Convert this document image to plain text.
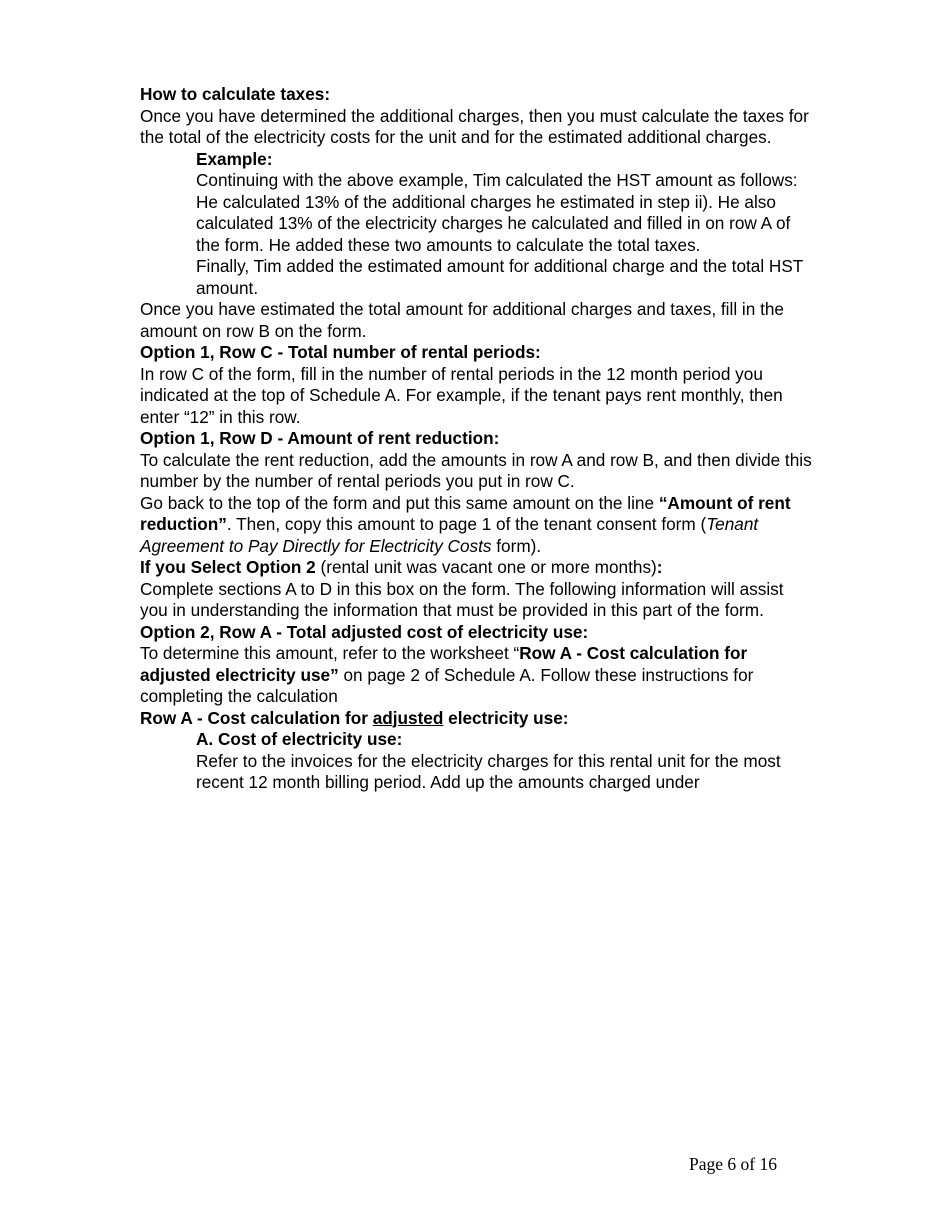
How to calculate taxes:
Once you have determined the additional charges, then you must calculate the taxes for the total of the electricity costs for the unit and for the estimated additional charges.

Example:
Continuing with the above example, Tim calculated the HST amount as follows: He calculated 13% of the additional charges he estimated in step ii). He also calculated 13% of the electricity charges he calculated and filled in on row A of the form. He added these two amounts to calculate the total taxes.

Finally, Tim added the estimated amount for additional charge and the total HST amount.

Once you have estimated the total amount for additional charges and taxes, fill in the amount on row B on the form.

Option 1, Row C - Total number of rental periods:
In row C of the form, fill in the number of rental periods in the 12 month period you indicated at the top of Schedule A. For example, if the tenant pays rent monthly, then enter “12” in this row.

Option 1, Row D - Amount of rent reduction:
To calculate the rent reduction, add the amounts in row A and row B, and then divide this number by the number of rental periods you put in row C.

Go back to the top of the form and put this same amount on the line “Amount of rent reduction”. Then, copy this amount to page 1 of the tenant consent form (Tenant Agreement to Pay Directly for Electricity Costs form).

If you Select Option 2 (rental unit was vacant one or more months):

Complete sections A to D in this box on the form. The following information will assist you in understanding the information that must be provided in this part of the form.

Option 2, Row A - Total adjusted cost of electricity use:
To determine this amount, refer to the worksheet “Row A - Cost calculation for adjusted electricity use” on page 2 of Schedule A. Follow these instructions for completing the calculation

Row A - Cost calculation for adjusted electricity use:

A. Cost of electricity use:
Refer to the invoices for the electricity charges for this rental unit for the most recent 12 month billing period. Add up the amounts charged under

Page 6 of 16
